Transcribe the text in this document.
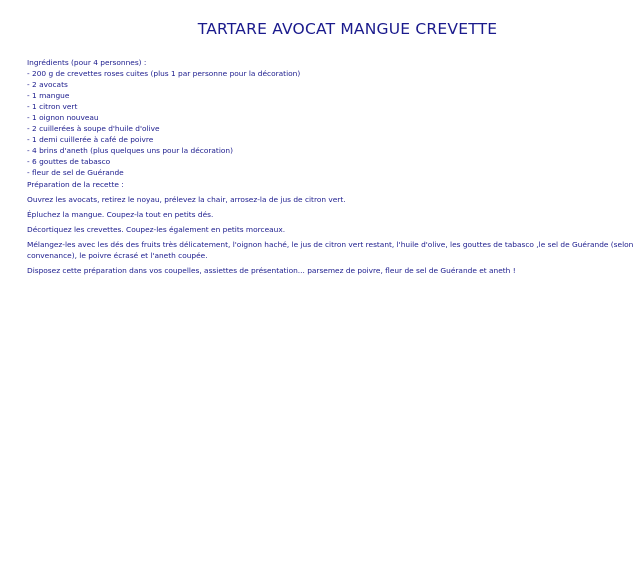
TARTARE AVOCAT MANGUE CREVETTE

Ingrédients (pour 4 personnes) :

- 200 g de crevettes roses cuites (plus 1 par personne pour la décoration)

- 2 avocats

- 1 mangue

- 1 citron vert

- 1 oignon nouveau

- 2 cuillerées à soupe d'huile d'olive

- 1 demi cuillerée à café de poivre

- 4 brins d'aneth (plus quelques uns pour la décoration)

- 6 gouttes de tabasco

- fleur de sel de Guérande

Préparation de la recette :

Ouvrez les avocats, retirez le noyau, prélevez la chair, arrosez-la de jus de citron vert.

Épluchez la mangue. Coupez-la tout en petits dés.

Décortiquez les crevettes. Coupez-les également en petits morceaux.

Mélangez-les avec les dés des fruits très délicatement, l'oignon haché, le jus de citron vert restant, l'huile d'olive, les gouttes de tabasco ,le sel de Guérande (selon convenance), le poivre écrasé et l'aneth coupée.

Disposez cette préparation dans vos coupelles, assiettes de présentation... parsemez de poivre, fleur de sel de Guérande et aneth !
